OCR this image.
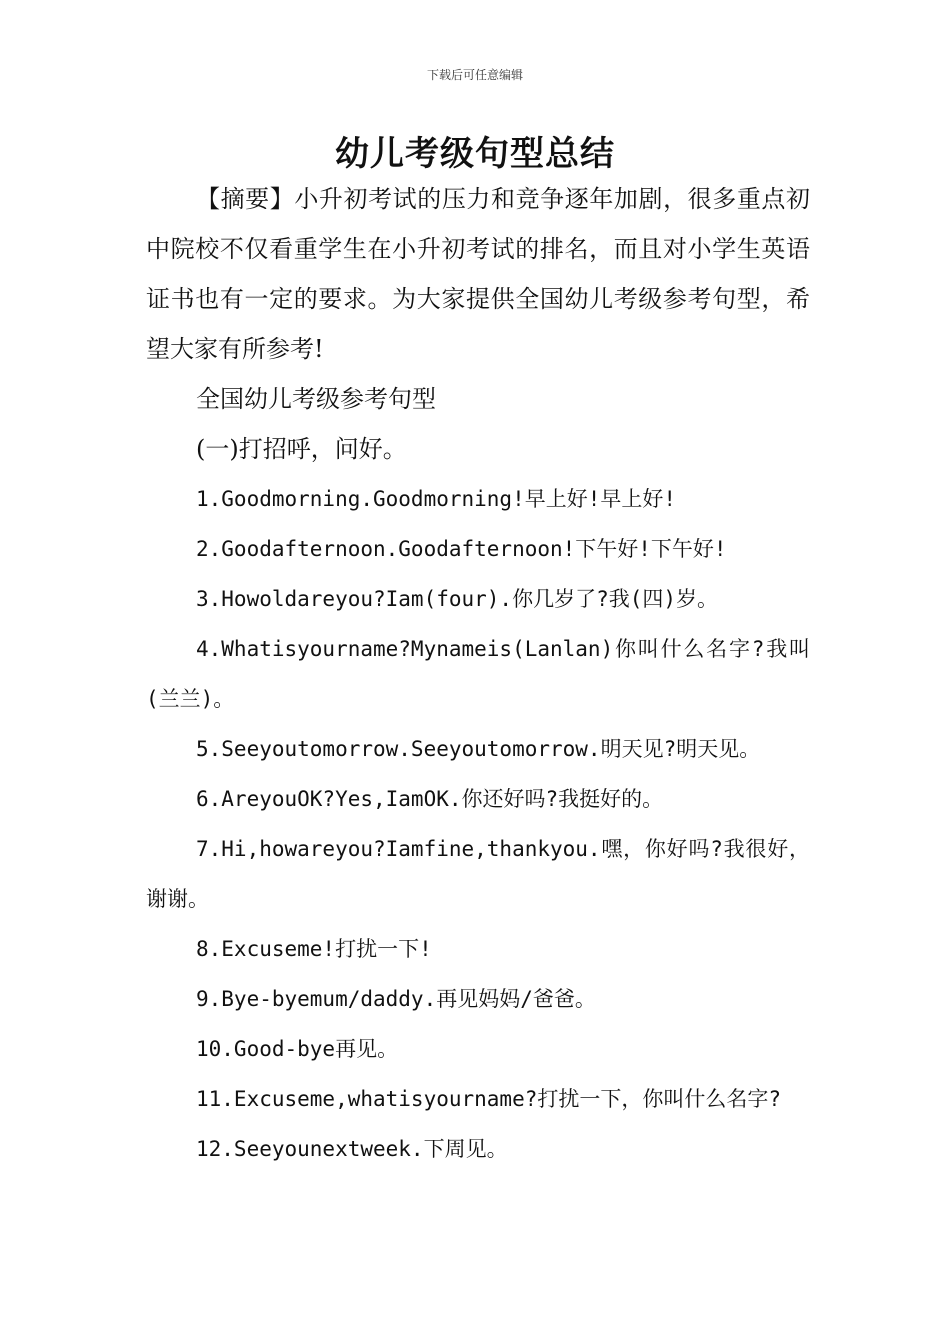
下载后可任意编辑
幼儿考级句型总结

【摘要】小升初考试的压力和竞争逐年加剧，很多重点初中院校不仅看重学生在小升初考试的排名，而且对小学生英语证书也有一定的要求。为大家提供全国幼儿考级参考句型，希望大家有所参考!

全国幼儿考级参考句型

(一)打招呼，问好。

1.Goodmorning.Goodmorning!早上好!早上好!

2.Goodafternoon.Goodafternoon!下午好!下午好!

3.Howoldareyou?Iam(four).你几岁了?我(四)岁。

4.Whatisyourname?Mynameis(Lanlan)你叫什么名字?我叫(兰兰)。

5.Seeyoutomorrow.Seeyoutomorrow.明天见?明天见。

6.AreyouOK?Yes,IamOK.你还好吗?我挺好的。

7.Hi,howareyou?Iamfine,thankyou.嘿，你好吗?我很好，谢谢。

8.Excuseme!打扰一下!

9.Bye-byemum/daddy.再见妈妈/爸爸。

10.Good-bye再见。

11.Excuseme,whatisyourname?打扰一下，你叫什么名字?

12.Seeyounextweek.下周见。
